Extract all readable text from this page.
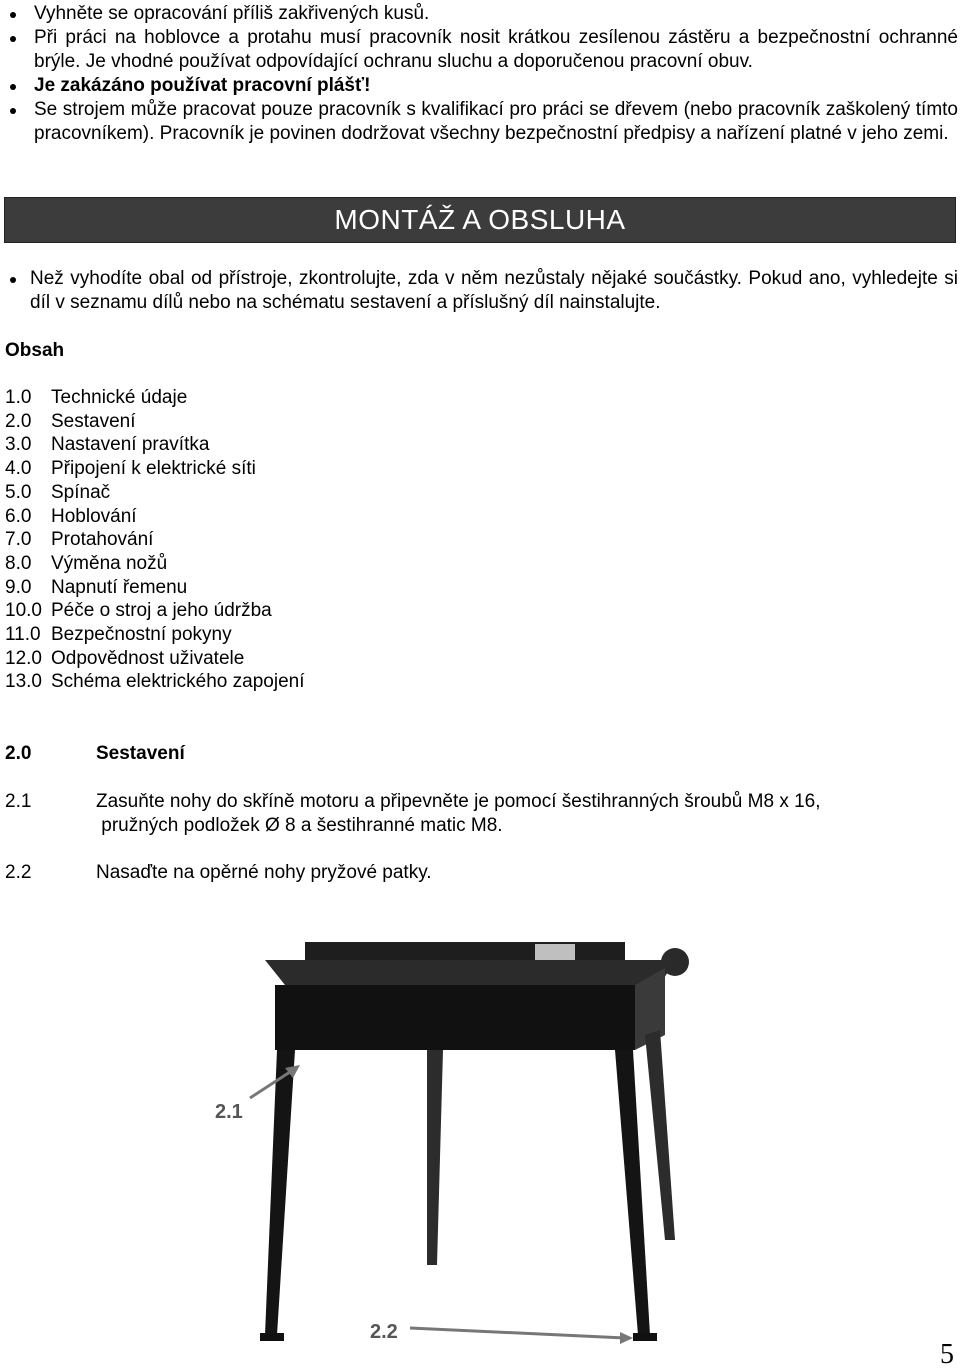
Vyhněte se opracování příliš zakřivených kusů.
Při práci na hoblovce a protahu musí pracovník nosit krátkou zesílenou zástěru a bezpečnostní ochranné brýle. Je vhodné používat odpovídající ochranu sluchu a doporučenou pracovní obuv.
Je zakázáno používat pracovní plášť!
Se strojem může pracovat pouze pracovník s kvalifikací pro práci se dřevem (nebo pracovník zaškolený tímto pracovníkem). Pracovník je povinen dodržovat všechny bezpečnostní předpisy a nařízení platné v jeho zemi.
MONTÁŽ A OBSLUHA
Než vyhodíte obal od přístroje, zkontrolujte, zda v něm nezůstaly nějaké součástky. Pokud ano, vyhledejte si díl v seznamu dílů nebo na schématu sestavení a příslušný díl nainstalujte.
Obsah
1.0 Technické údaje
2.0 Sestavení
3.0 Nastavení pravítka
4.0 Připojení k elektrické síti
5.0 Spínač
6.0 Hoblování
7.0 Protahování
8.0 Výměna nožů
9.0 Napnutí řemenu
10.0 Péče o stroj a jeho údržba
11.0 Bezpečnostní pokyny
12.0 Odpovědnost uživatele
13.0 Schéma elektrického zapojení
2.0	Sestavení
2.1	Zasuňte nohy do skříně motoru a připevněte je pomocí šestihranných šroubů M8 x 16,
pružných podložek Ø 8 a šestihranné matic M8.
2.2	Nasaďte na opěrné nohy pryžové patky.
2.1
2.2
5
